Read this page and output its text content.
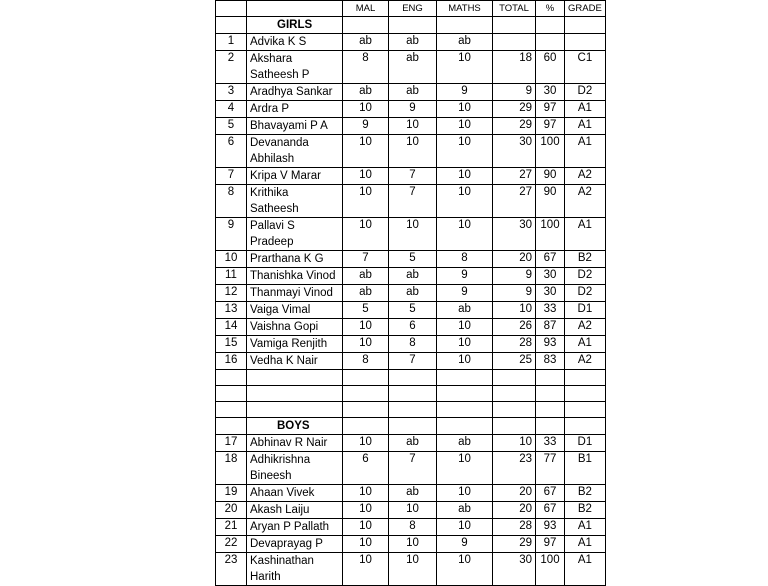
		MAL	ENG	MATHS	TOTAL	%	GRADE
	GIRLS						
1	Advika K S	ab	ab	ab			
2	Akshara Satheesh P	8	ab	10	18	60	C1
3	Aradhya Sankar	ab	ab	9	9	30	D2
4	Ardra P	10	9	10	29	97	A1
5	Bhavayami P A	9	10	10	29	97	A1
6	Devananda Abhilash	10	10	10	30	100	A1
7	Kripa V Marar	10	7	10	27	90	A2
8	Krithika Satheesh	10	7	10	27	90	A2
9	Pallavi S Pradeep	10	10	10	30	100	A1
10	Prarthana K G	7	5	8	20	67	B2
11	Thanishka Vinod	ab	ab	9	9	30	D2
12	Thanmayi Vinod	ab	ab	9	9	30	D2
13	Vaiga Vimal	5	5	ab	10	33	D1
14	Vaishna Gopi	10	6	10	26	87	A2
15	Vamiga Renjith	10	8	10	28	93	A1
16	Vedha K Nair	8	7	10	25	83	A2

	BOYS						
17	Abhinav R Nair	10	ab	ab	10	33	D1
18	Adhikrishna Bineesh	6	7	10	23	77	B1
19	Ahaan Vivek	10	ab	10	20	67	B2
20	Akash Laiju	10	10	ab	20	67	B2
21	Aryan P Pallath	10	8	10	28	93	A1
22	Devaprayag P	10	10	9	29	97	A1
23	Kashinathan Harith	10	10	10	30	100	A1
